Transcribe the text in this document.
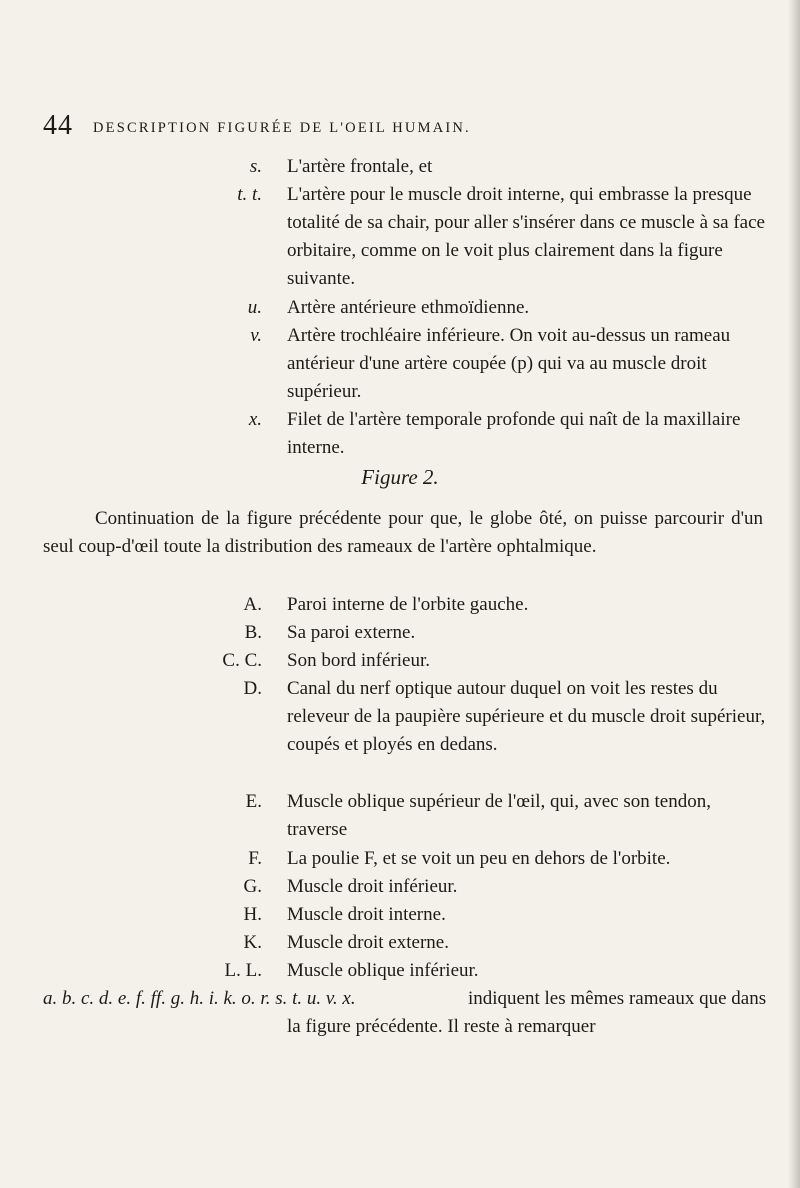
44 DESCRIPTION FIGURÉE DE L'OEIL HUMAIN.
s. L'artère frontale, et
t. t. L'artère pour le muscle droit interne, qui embrasse la presque totalité de sa chair, pour aller s'insérer dans ce muscle à sa face orbitaire, comme on le voit plus clairement dans la figure suivante.
u. Artère antérieure ethmoïdienne.
v. Artère trochléaire inférieure. On voit au-dessus un rameau antérieur d'une artère coupée (p) qui va au muscle droit supérieur.
x. Filet de l'artère temporale profonde qui naît de la maxillaire interne.
Figure 2.
Continuation de la figure précédente pour que, le globe ôté, on puisse parcourir d'un seul coup-d'œil toute la distribution des rameaux de l'artère ophtalmique.
A. Paroi interne de l'orbite gauche.
B. Sa paroi externe.
C. C. Son bord inférieur.
D. Canal du nerf optique autour duquel on voit les restes du releveur de la paupière supérieure et du muscle droit supérieur, coupés et ployés en dedans.
E. Muscle oblique supérieur de l'œil, qui, avec son tendon, traverse
F. La poulie F, et se voit un peu en dehors de l'orbite.
G. Muscle droit inférieur.
H. Muscle droit interne.
K. Muscle droit externe.
L. L. Muscle oblique inférieur.
a. b. c. d. e. f. ff. g. h. i. k. o. r. s. t. u. v. x.	indiquent les mêmes rameaux que dans la figure précédente. Il reste à remarquer
